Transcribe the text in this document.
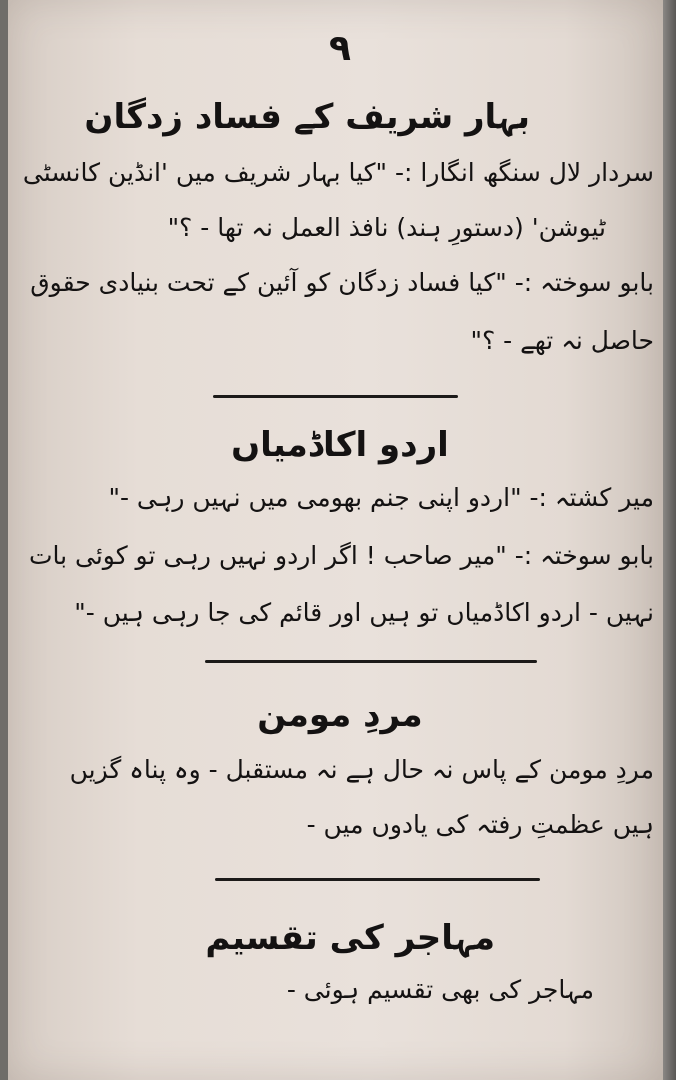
۹
بہار شریف کے فساد زدگان
سردار لال سنگھ انگارا :- "کیا بہار شریف میں 'انڈین کانسٹی
ٹیوشن' (دستورِ ہند) نافذ العمل نہ تھا - ؟"
بابو سوختہ :- "کیا فساد زدگان کو آئین کے تحت بنیادی حقوق
حاصل نہ تھے - ؟"
اردو اکاڈمیاں
میر کشتہ :- "اردو اپنی جنم بھومی میں نہیں رہی -"
بابو سوختہ :- "میر صاحب ! اگر اردو نہیں رہی تو کوئی بات
نہیں - اردو اکاڈمیاں تو ہیں اور قائم کی جا رہی ہیں -"
مردِ مومن
مردِ مومن کے پاس نہ حال ہے نہ مستقبل - وہ پناہ گزیں
ہیں عظمتِ رفتہ کی یادوں میں -
مہاجر کی تقسیم
مہاجر کی بھی تقسیم ہوئی -
